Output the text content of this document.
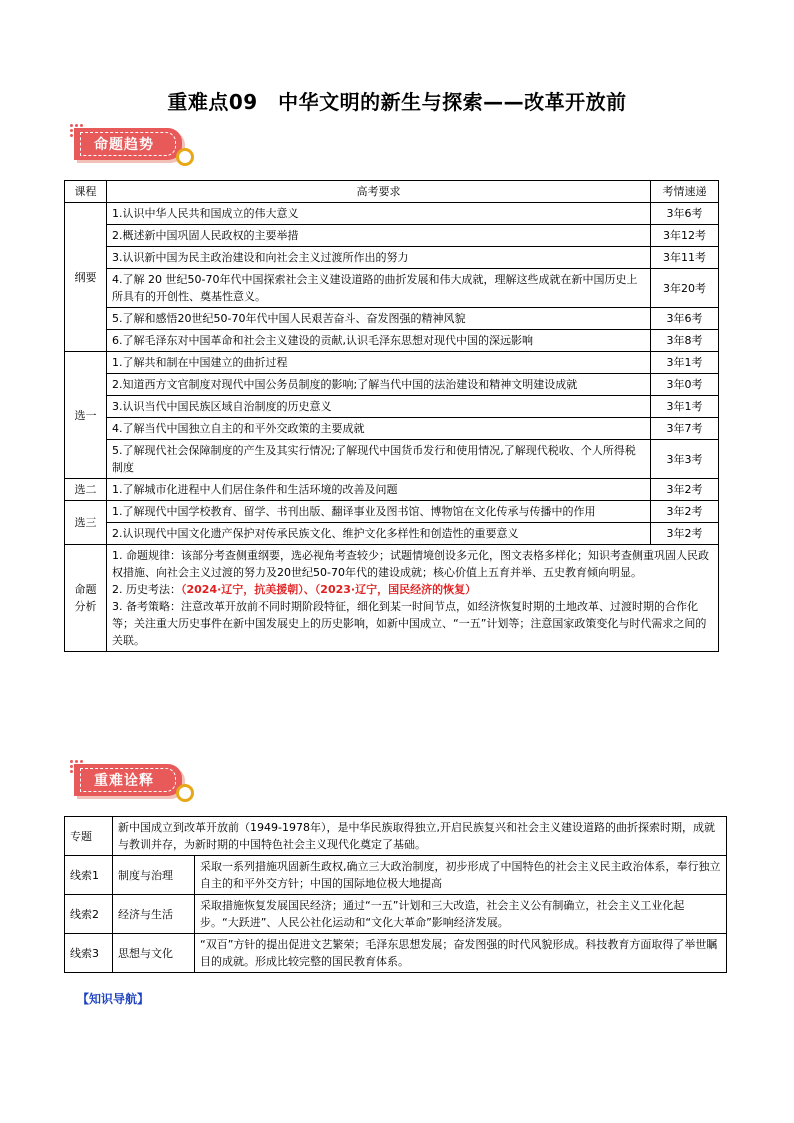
重难点09　中华文明的新生与探索——改革开放前
命题趋势
课程	高考要求	考情速递
纲要	1.认识中华人民共和国成立的伟大意义	3年6考
	2.概述新中国巩固人民政权的主要举措	3年12考
	3.认识新中国为民主政治建设和向社会主义过渡所作出的努力	3年11考
	4.了解 20 世纪50-70年代中国探索社会主义建设道路的曲折发展和伟大成就，理解这些成就在新中国历史上所具有的开创性、奠基性意义。	3年20考
	5.了解和感悟20世纪50-70年代中国人民艰苦奋斗、奋发图强的精神风貌	3年6考
	6.了解毛泽东对中国革命和社会主义建设的贡献,认识毛泽东思想对现代中国的深远影响	3年8考
选一	1.了解共和制在中国建立的曲折过程	3年1考
	2.知道西方文官制度对现代中国公务员制度的影响;了解当代中国的法治建设和精神文明建设成就	3年0考
	3.认识当代中国民族区域自治制度的历史意义	3年1考
	4.了解当代中国独立自主的和平外交政策的主要成就	3年7考
	5.了解现代社会保障制度的产生及其实行情况;了解现代中国货币发行和使用情况,了解现代税收、个人所得税制度	3年3考
选二	1.了解城市化进程中人们居住条件和生活环境的改善及问题	3年2考
选三	1.了解现代中国学校教育、留学、书刊出版、翻译事业及图书馆、博物馆在文化传承与传播中的作用	3年2考
	2.认识现代中国文化遗产保护对传承民族文化、维护文化多样性和创造性的重要意义	3年2考
命题分析	1. 命题规律：该部分考查侧重纲要，选必视角考查较少；试题情境创设多元化，图文表格多样化；知识考查侧重巩固人民政权措施、向社会主义过渡的努力及20世纪50-70年代的建设成就；核心价值上五育并举、五史教育倾向明显。
2. 历史考法：（2024·辽宁，抗美援朝）、（2023·辽宁，国民经济的恢复）
3. 备考策略：注意改革开放前不同时期阶段特征，细化到某一时间节点，如经济恢复时期的土地改革、过渡时期的合作化等；关注重大历史事件在新中国发展史上的历史影响，如新中国成立、“一五”计划等；注意国家政策变化与时代需求之间的关联。	
重难诠释
专题	新中国成立到改革开放前（1949-1978年），是中华民族取得独立,开启民族复兴和社会主义建设道路的曲折探索时期，成就与教训并存，为新时期的中国特色社会主义现代化奠定了基础。	
线索1	制度与治理	采取一系列措施巩固新生政权,确立三大政治制度，初步形成了中国特色的社会主义民主政治体系，奉行独立自主的和平外交方针；中国的国际地位极大地提高
线索2	经济与生活	采取措施恢复发展国民经济；通过“一五”计划和三大改造，社会主义公有制确立，社会主义工业化起步。“大跃进”、人民公社化运动和“文化大革命”影响经济发展。
线索3	思想与文化	“双百”方针的提出促进文艺繁荣；毛泽东思想发展；奋发图强的时代风貌形成。科技教育方面取得了举世瞩目的成就。形成比较完整的国民教育体系。
【知识导航】
